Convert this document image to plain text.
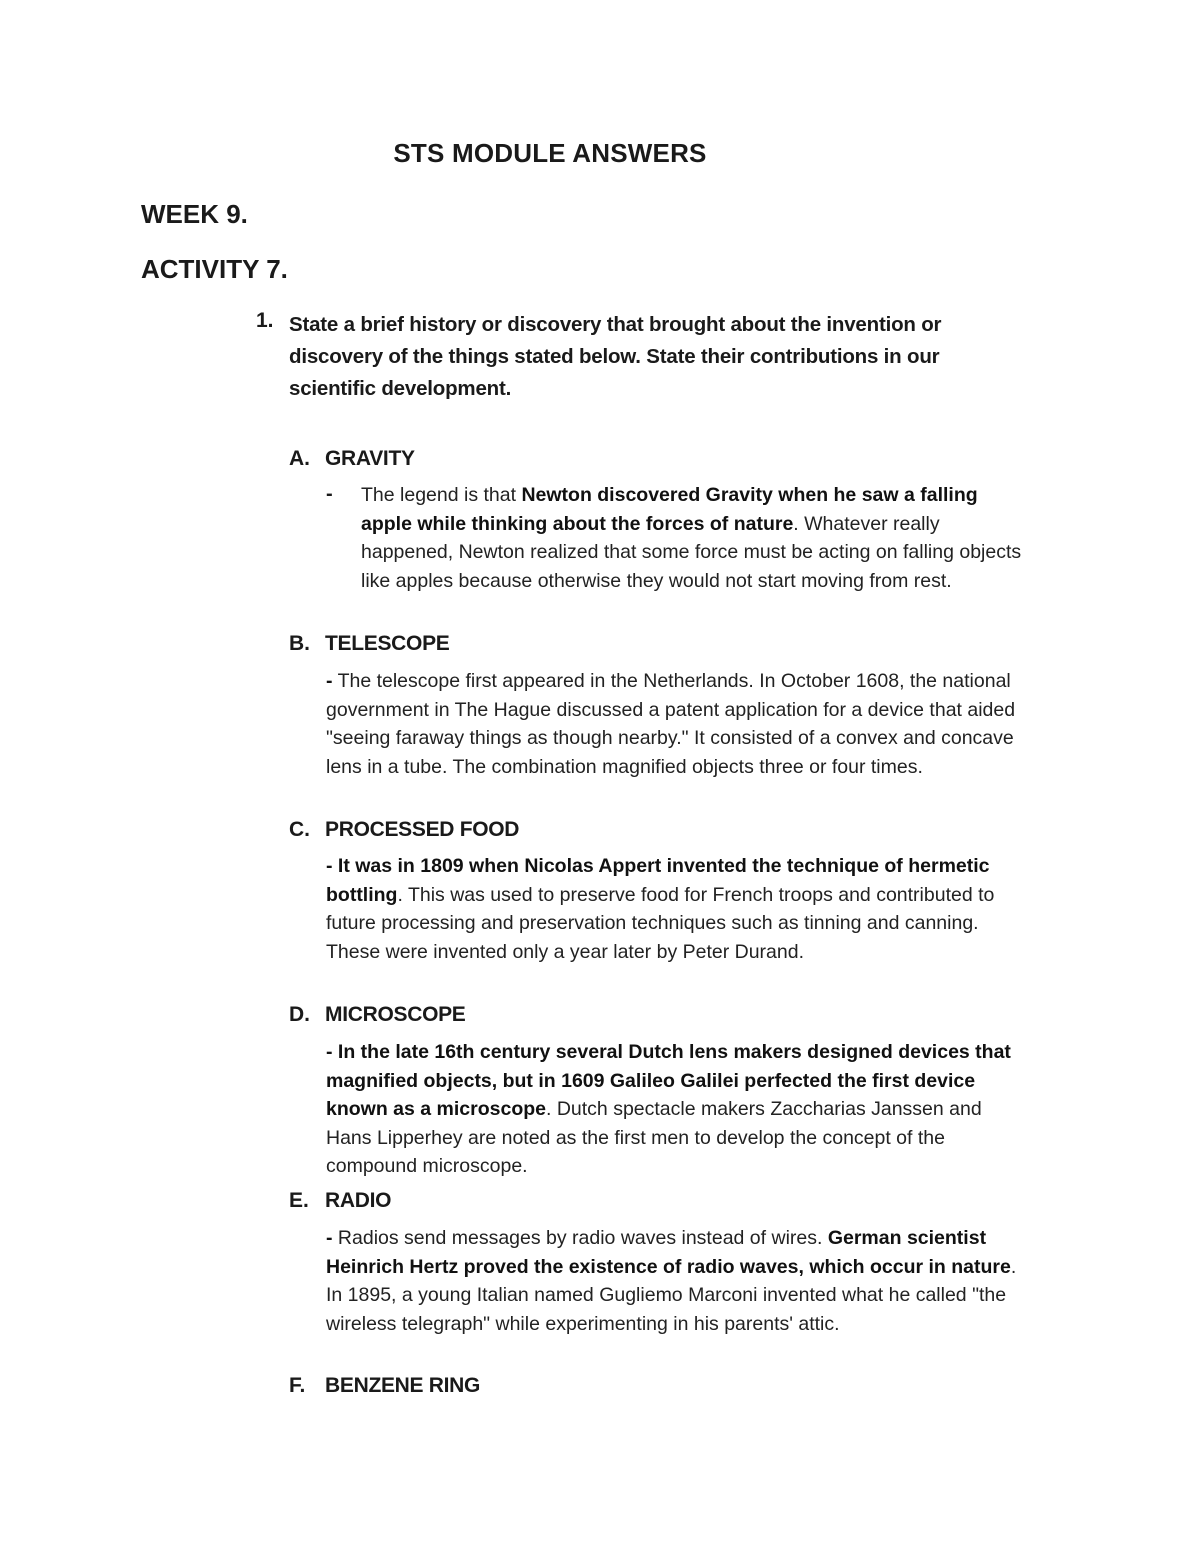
STS MODULE ANSWERS
WEEK 9.
ACTIVITY 7.
1. State a brief history or discovery that brought about the invention or discovery of the things stated below. State their contributions in our scientific development.
A. GRAVITY
- The legend is that Newton discovered Gravity when he saw a falling apple while thinking about the forces of nature. Whatever really happened, Newton realized that some force must be acting on falling objects like apples because otherwise they would not start moving from rest.

B. TELESCOPE

- The telescope first appeared in the Netherlands. In October 1608, the national government in The Hague discussed a patent application for a device that aided "seeing faraway things as though nearby." It consisted of a convex and concave lens in a tube. The combination magnified objects three or four times.

C. PROCESSED FOOD

- It was in 1809 when Nicolas Appert invented the technique of hermetic bottling. This was used to preserve food for French troops and contributed to future processing and preservation techniques such as tinning and canning. These were invented only a year later by Peter Durand.

D. MICROSCOPE

- In the late 16th century several Dutch lens makers designed devices that magnified objects, but in 1609 Galileo Galilei perfected the first device known as a microscope. Dutch spectacle makers Zaccharias Janssen and Hans Lipperhey are noted as the first men to develop the concept of the compound microscope.

E. RADIO

- Radios send messages by radio waves instead of wires. German scientist Heinrich Hertz proved the existence of radio waves, which occur in nature. In 1895, a young Italian named Gugliemo Marconi invented what he called "the wireless telegraph" while experimenting in his parents' attic.

F. BENZENE RING
